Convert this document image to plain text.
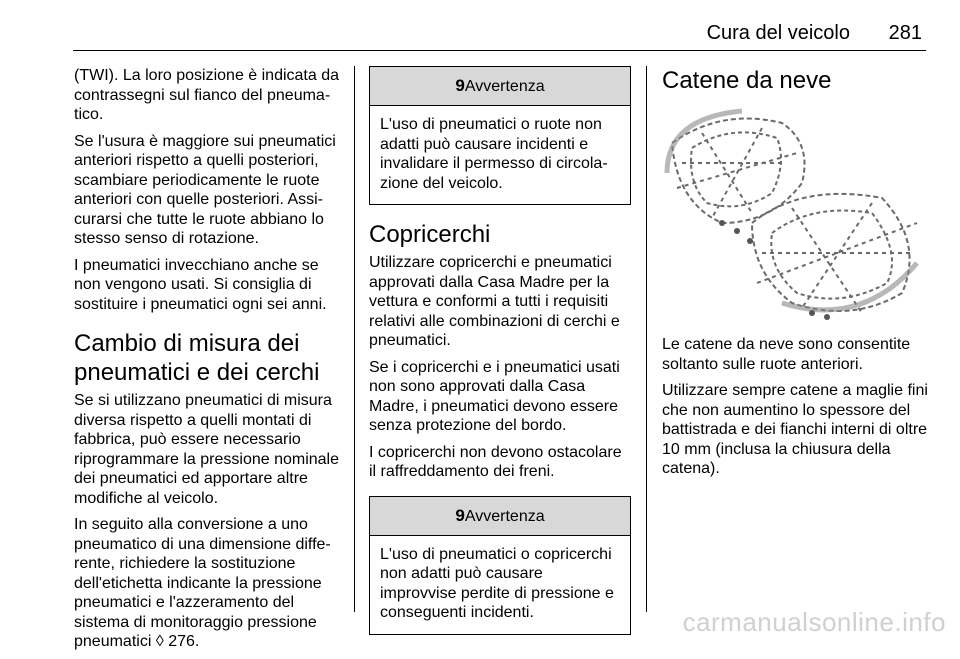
Cura del veicolo	281

(TWI). La loro posizione è indicata da contrassegni sul fianco del pneuma-tico.

Se l'usura è maggiore sui pneumatici anteriori rispetto a quelli posteriori, scambiare periodicamente le ruote anteriori con quelle posteriori. Assi-curarsi che tutte le ruote abbiano lo stesso senso di rotazione.

I pneumatici invecchiano anche se non vengono usati. Si consiglia di sostituire i pneumatici ogni sei anni.

Cambio di misura dei pneumatici e dei cerchi

Se si utilizzano pneumatici di misura diversa rispetto a quelli montati di fabbrica, può essere necessario riprogrammare la pressione nominale dei pneumatici ed apportare altre modifiche al veicolo.

In seguito alla conversione a uno pneumatico di una dimensione diffe-rente, richiedere la sostituzione dell'etichetta indicante la pressione pneumatici e l'azzeramento del sistema di monitoraggio pressione pneumatici ◊ 276.

9Avvertenza
L'uso di pneumatici o ruote non adatti può causare incidenti e invalidare il permesso di circola-zione del veicolo.
Copricerchi

Utilizzare copricerchi e pneumatici approvati dalla Casa Madre per la vettura e conformi a tutti i requisiti relativi alle combinazioni di cerchi e pneumatici.

Se i copricerchi e i pneumatici usati non sono approvati dalla Casa Madre, i pneumatici devono essere senza protezione del bordo.

I copricerchi non devono ostacolare il raffreddamento dei freni.

9Avvertenza
L'uso di pneumatici o copricerchi non adatti può causare improvvise perdite di pressione e conseguenti incidenti.
Catene da neve

Le catene da neve sono consentite soltanto sulle ruote anteriori.

Utilizzare sempre catene a maglie fini che non aumentino lo spessore del battistrada e dei fianchi interni di oltre 10 mm (inclusa la chiusura della catena).

carmanualsonline.info
